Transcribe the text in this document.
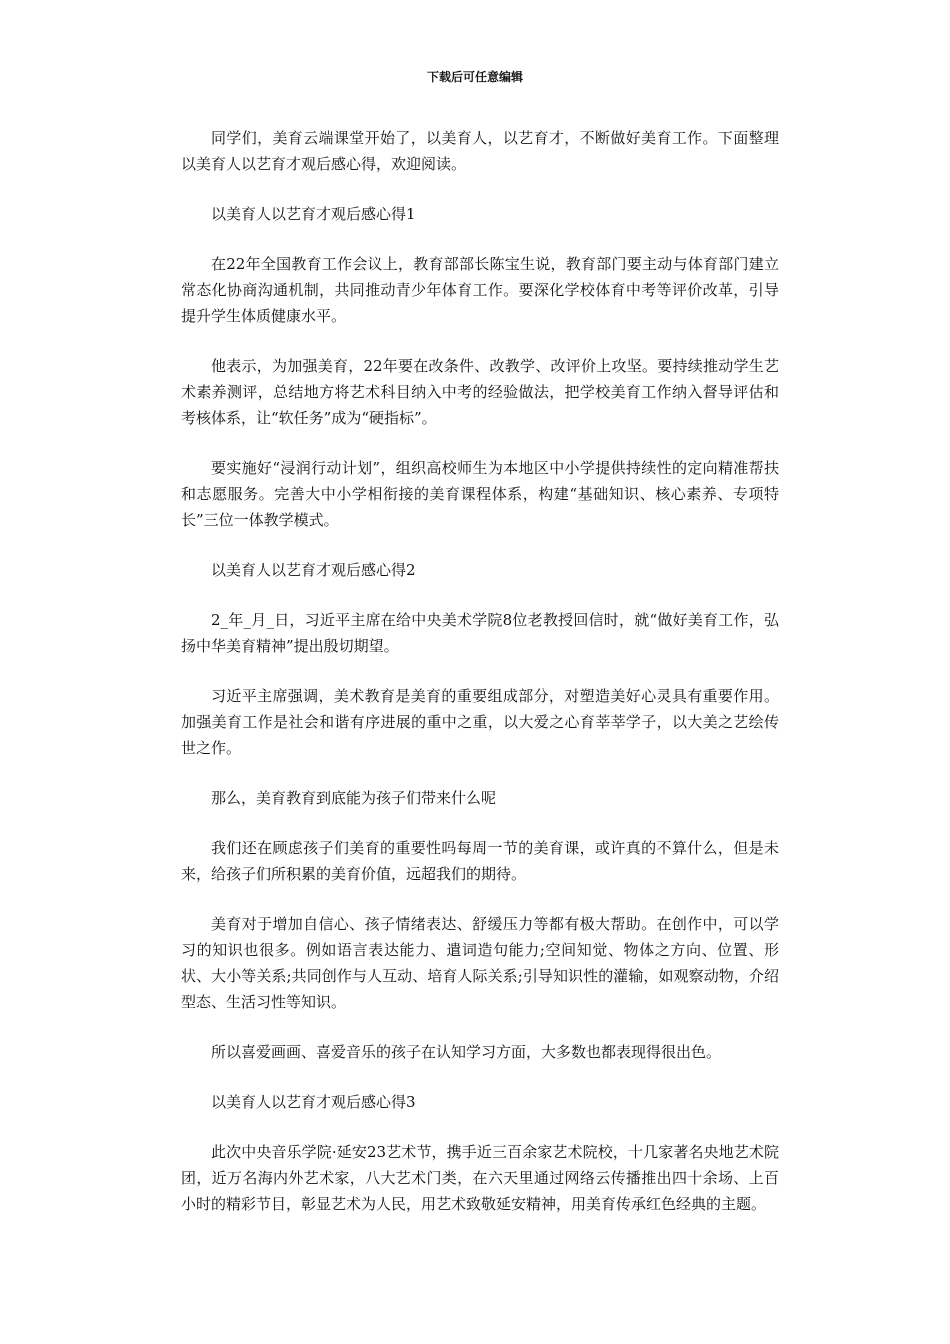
下载后可任意编辑

同学们，美育云端课堂开始了，以美育人，以艺育才，不断做好美育工作。下面整理以美育人以艺育才观后感心得，欢迎阅读。

以美育人以艺育才观后感心得1

在22年全国教育工作会议上，教育部部长陈宝生说，教育部门要主动与体育部门建立常态化协商沟通机制，共同推动青少年体育工作。要深化学校体育中考等评价改革，引导提升学生体质健康水平。

他表示，为加强美育，22年要在改条件、改教学、改评价上攻坚。要持续推动学生艺术素养测评，总结地方将艺术科目纳入中考的经验做法，把学校美育工作纳入督导评估和考核体系，让“软任务”成为“硬指标”。

要实施好“浸润行动计划”，组织高校师生为本地区中小学提供持续性的定向精准帮扶和志愿服务。完善大中小学相衔接的美育课程体系，构建“基础知识、核心素养、专项特长”三位一体教学模式。

以美育人以艺育才观后感心得2

2_年_月_日，习近平主席在给中央美术学院8位老教授回信时，就“做好美育工作，弘扬中华美育精神”提出殷切期望。

习近平主席强调，美术教育是美育的重要组成部分，对塑造美好心灵具有重要作用。加强美育工作是社会和谐有序进展的重中之重，以大爱之心育莘莘学子，以大美之艺绘传世之作。

那么，美育教育到底能为孩子们带来什么呢

我们还在顾虑孩子们美育的重要性吗每周一节的美育课，或许真的不算什么，但是未来，给孩子们所积累的美育价值，远超我们的期待。

美育对于增加自信心、孩子情绪表达、舒缓压力等都有极大帮助。在创作中，可以学习的知识也很多。例如语言表达能力、遣词造句能力;空间知觉、物体之方向、位置、形状、大小等关系;共同创作与人互动、培育人际关系;引导知识性的灌输，如观察动物，介绍型态、生活习性等知识。

所以喜爱画画、喜爱音乐的孩子在认知学习方面，大多数也都表现得很出色。

以美育人以艺育才观后感心得3

此次中央音乐学院·延安23艺术节，携手近三百余家艺术院校，十几家著名央地艺术院团，近万名海内外艺术家，八大艺术门类，在六天里通过网络云传播推出四十余场、上百小时的精彩节目，彰显艺术为人民，用艺术致敬延安精神，用美育传承红色经典的主题。
